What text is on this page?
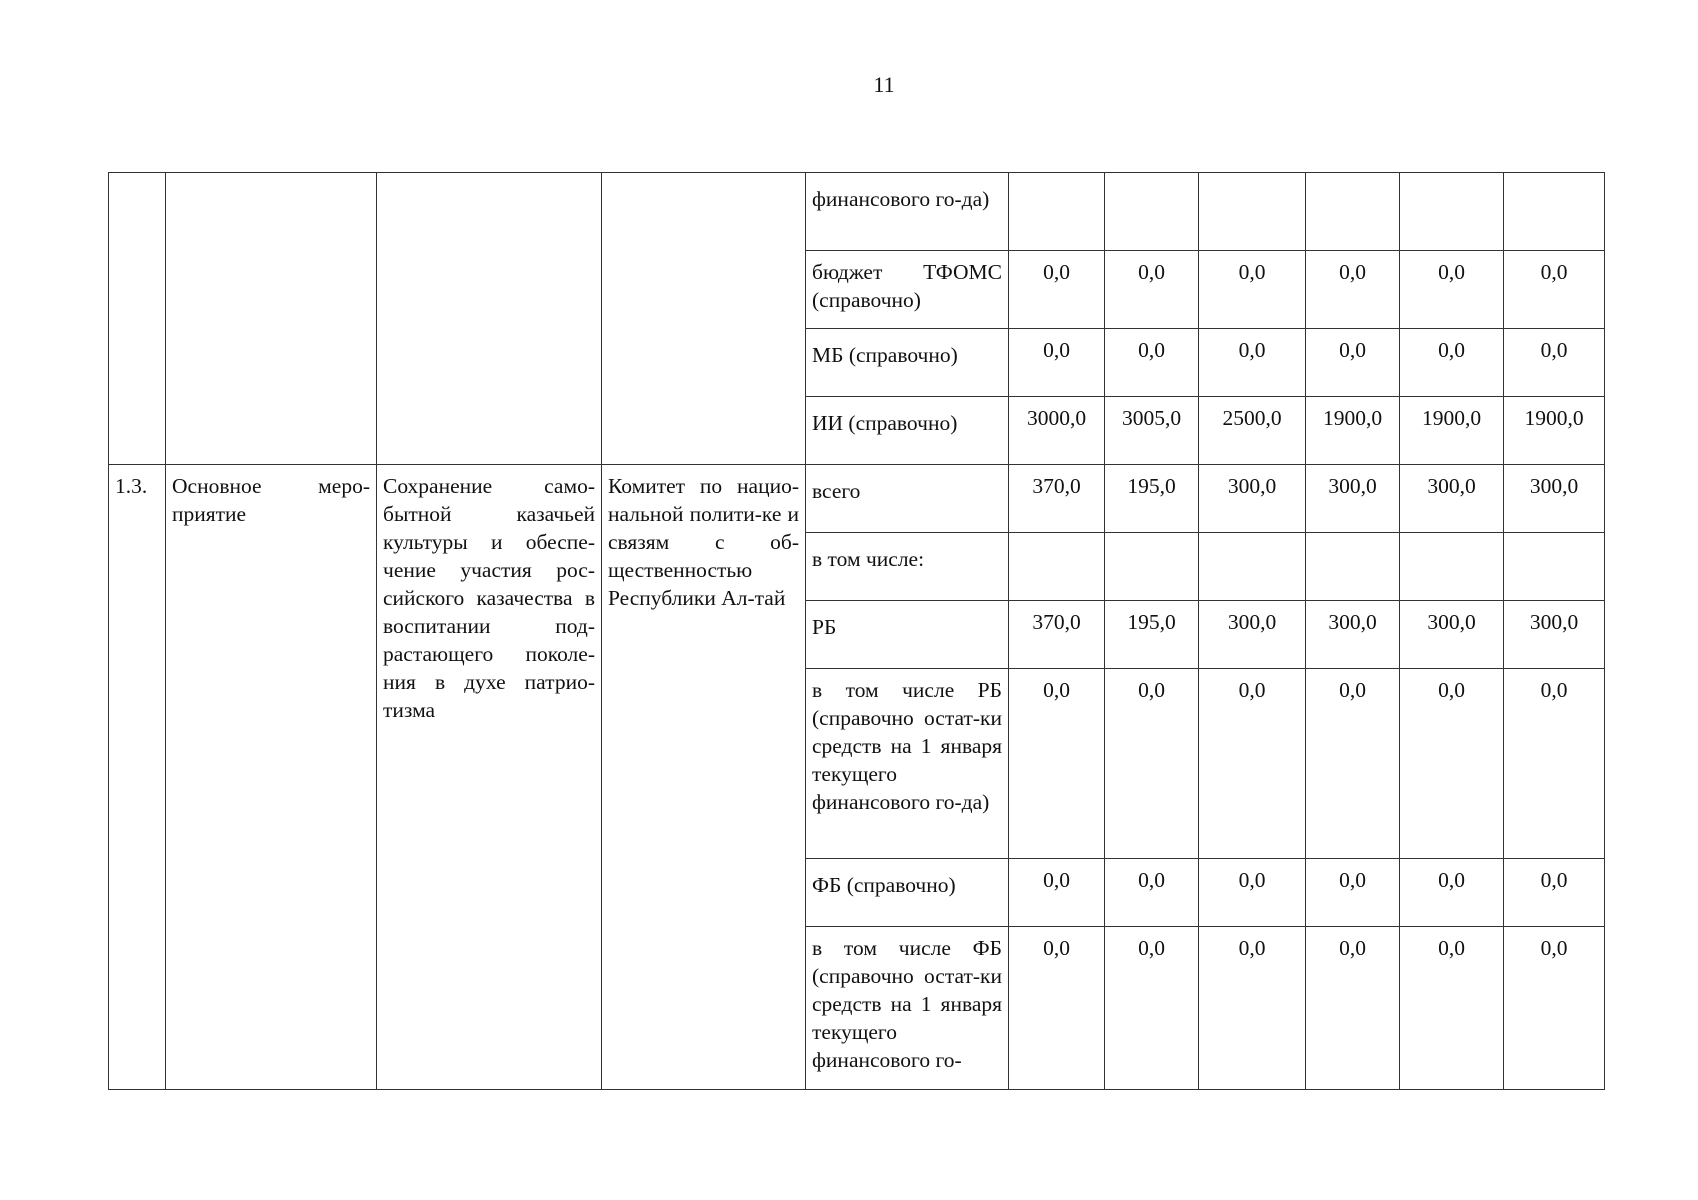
11
				финансового го-да)						
				бюджет ТФОМС (справочно)	0,0	0,0	0,0	0,0	0,0	0,0
				МБ (справочно)	0,0	0,0	0,0	0,0	0,0	0,0
				ИИ (справочно)	3000,0	3005,0	2500,0	1900,0	1900,0	1900,0
1.3.	Основное меро-приятие	Сохранение само-бытной казачьей культуры и обеспе-чение участия рос-сийского казачества в воспитании под-растающего поколе-ния в духе патрио-тизма	Комитет по нацио-нальной полити-ке и связям с об-щественностью Республики Ал-тай	всего	370,0	195,0	300,0	300,0	300,0	300,0
				в том числе:						
				РБ	370,0	195,0	300,0	300,0	300,0	300,0
				в том числе РБ (справочно остат-ки средств на 1 января текущего финансового го-да)	0,0	0,0	0,0	0,0	0,0	0,0
				ФБ (справочно)	0,0	0,0	0,0	0,0	0,0	0,0
				в том числе ФБ (справочно остат-ки средств на 1 января текущего финансового го-	0,0	0,0	0,0	0,0	0,0	0,0
